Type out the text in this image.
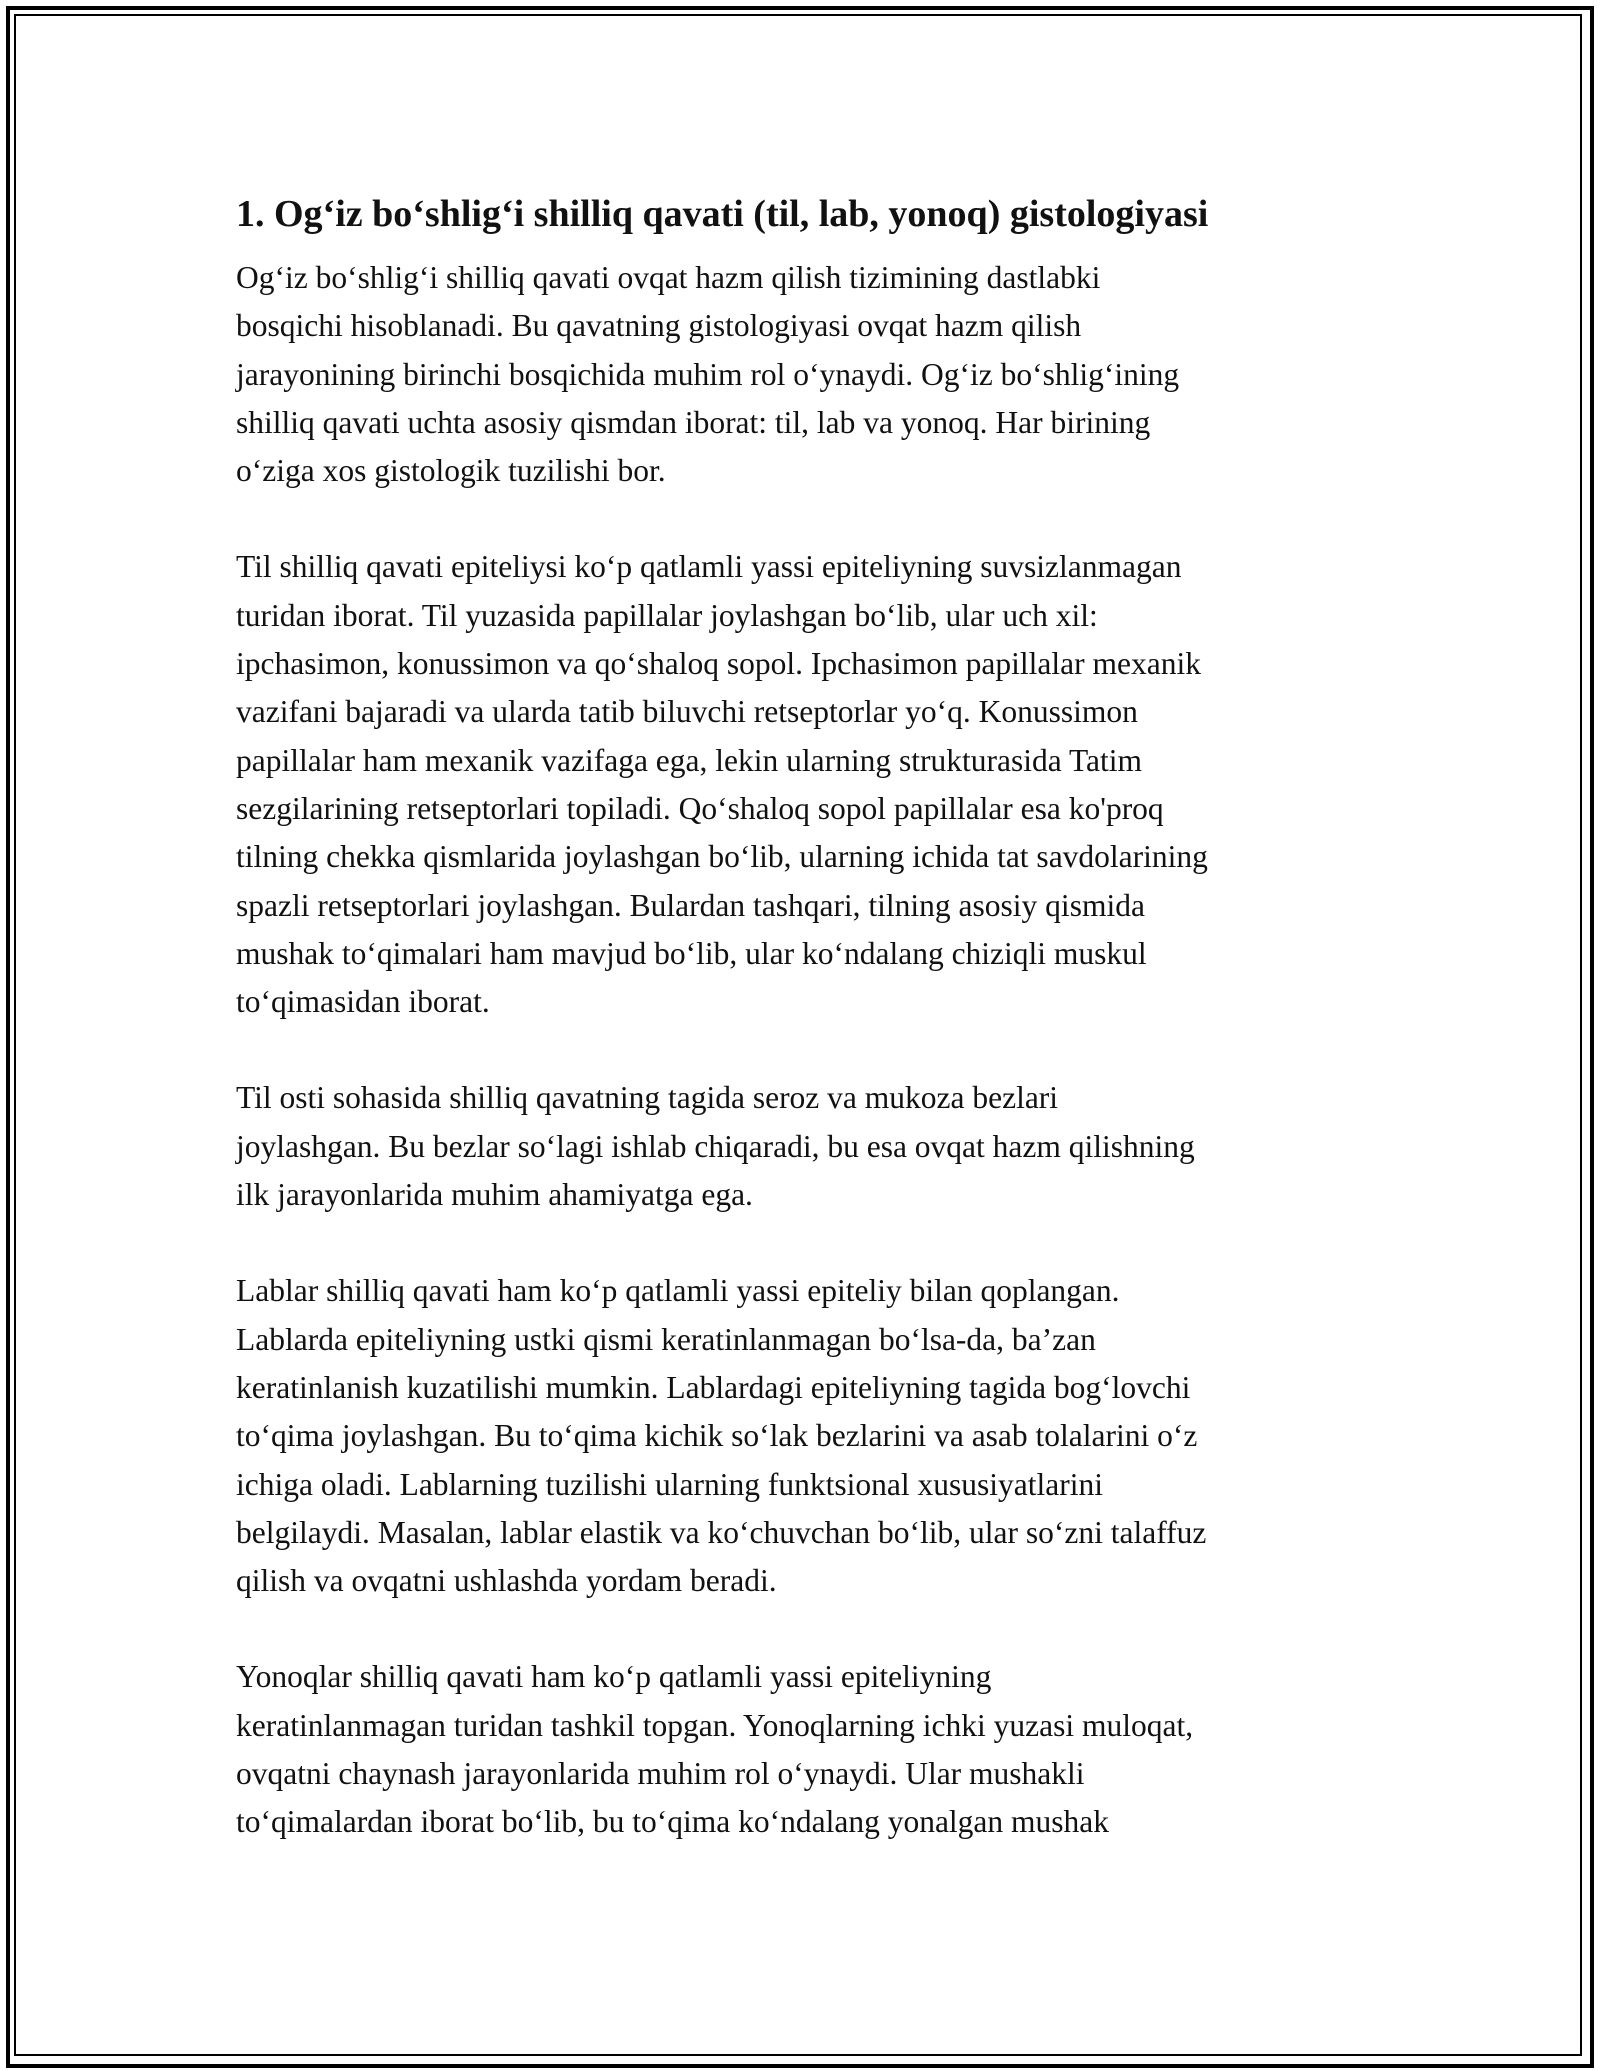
1. Og‘iz bo‘shlig‘i shilliq qavati (til, lab, yonoq) gistologiyasi

Og‘iz bo‘shlig‘i shilliq qavati ovqat hazm qilish tizimining dastlabki
bosqichi hisoblanadi. Bu qavatning gistologiyasi ovqat hazm qilish
jarayonining birinchi bosqichida muhim rol o‘ynaydi. Og‘iz bo‘shlig‘ining
shilliq qavati uchta asosiy qismdan iborat: til, lab va yonoq. Har birining
o‘ziga xos gistologik tuzilishi bor.

Til shilliq qavati epiteliysi ko‘p qatlamli yassi epiteliyning suvsizlanmagan
turidan iborat. Til yuzasida papillalar joylashgan bo‘lib, ular uch xil:
ipchasimon, konussimon va qo‘shaloq sopol. Ipchasimon papillalar mexanik
vazifani bajaradi va ularda tatib biluvchi retseptorlar yo‘q. Konussimon
papillalar ham mexanik vazifaga ega, lekin ularning strukturasida Tatim
sezgilarining retseptorlari topiladi. Qo‘shaloq sopol papillalar esa ko'proq
tilning chekka qismlarida joylashgan bo‘lib, ularning ichida tat savdolarining
spazli retseptorlari joylashgan. Bulardan tashqari, tilning asosiy qismida
mushak to‘qimalari ham mavjud bo‘lib, ular ko‘ndalang chiziqli muskul
to‘qimasidan iborat.

Til osti sohasida shilliq qavatning tagida seroz va mukoza bezlari
joylashgan. Bu bezlar so‘lagi ishlab chiqaradi, bu esa ovqat hazm qilishning
ilk jarayonlarida muhim ahamiyatga ega.

Lablar shilliq qavati ham ko‘p qatlamli yassi epiteliy bilan qoplangan.
Lablarda epiteliyning ustki qismi keratinlanmagan bo‘lsa-da, ba’zan
keratinlanish kuzatilishi mumkin. Lablardagi epiteliyning tagida bog‘lovchi
to‘qima joylashgan. Bu to‘qima kichik so‘lak bezlarini va asab tolalarini o‘z
ichiga oladi. Lablarning tuzilishi ularning funktsional xususiyatlarini
belgilaydi. Masalan, lablar elastik va ko‘chuvchan bo‘lib, ular so‘zni talaffuz
qilish va ovqatni ushlashda yordam beradi.

Yonoqlar shilliq qavati ham ko‘p qatlamli yassi epiteliyning
keratinlanmagan turidan tashkil topgan. Yonoqlarning ichki yuzasi muloqat,
ovqatni chaynash jarayonlarida muhim rol o‘ynaydi. Ular mushakli
to‘qimalardan iborat bo‘lib, bu to‘qima ko‘ndalang yonalgan mushak
